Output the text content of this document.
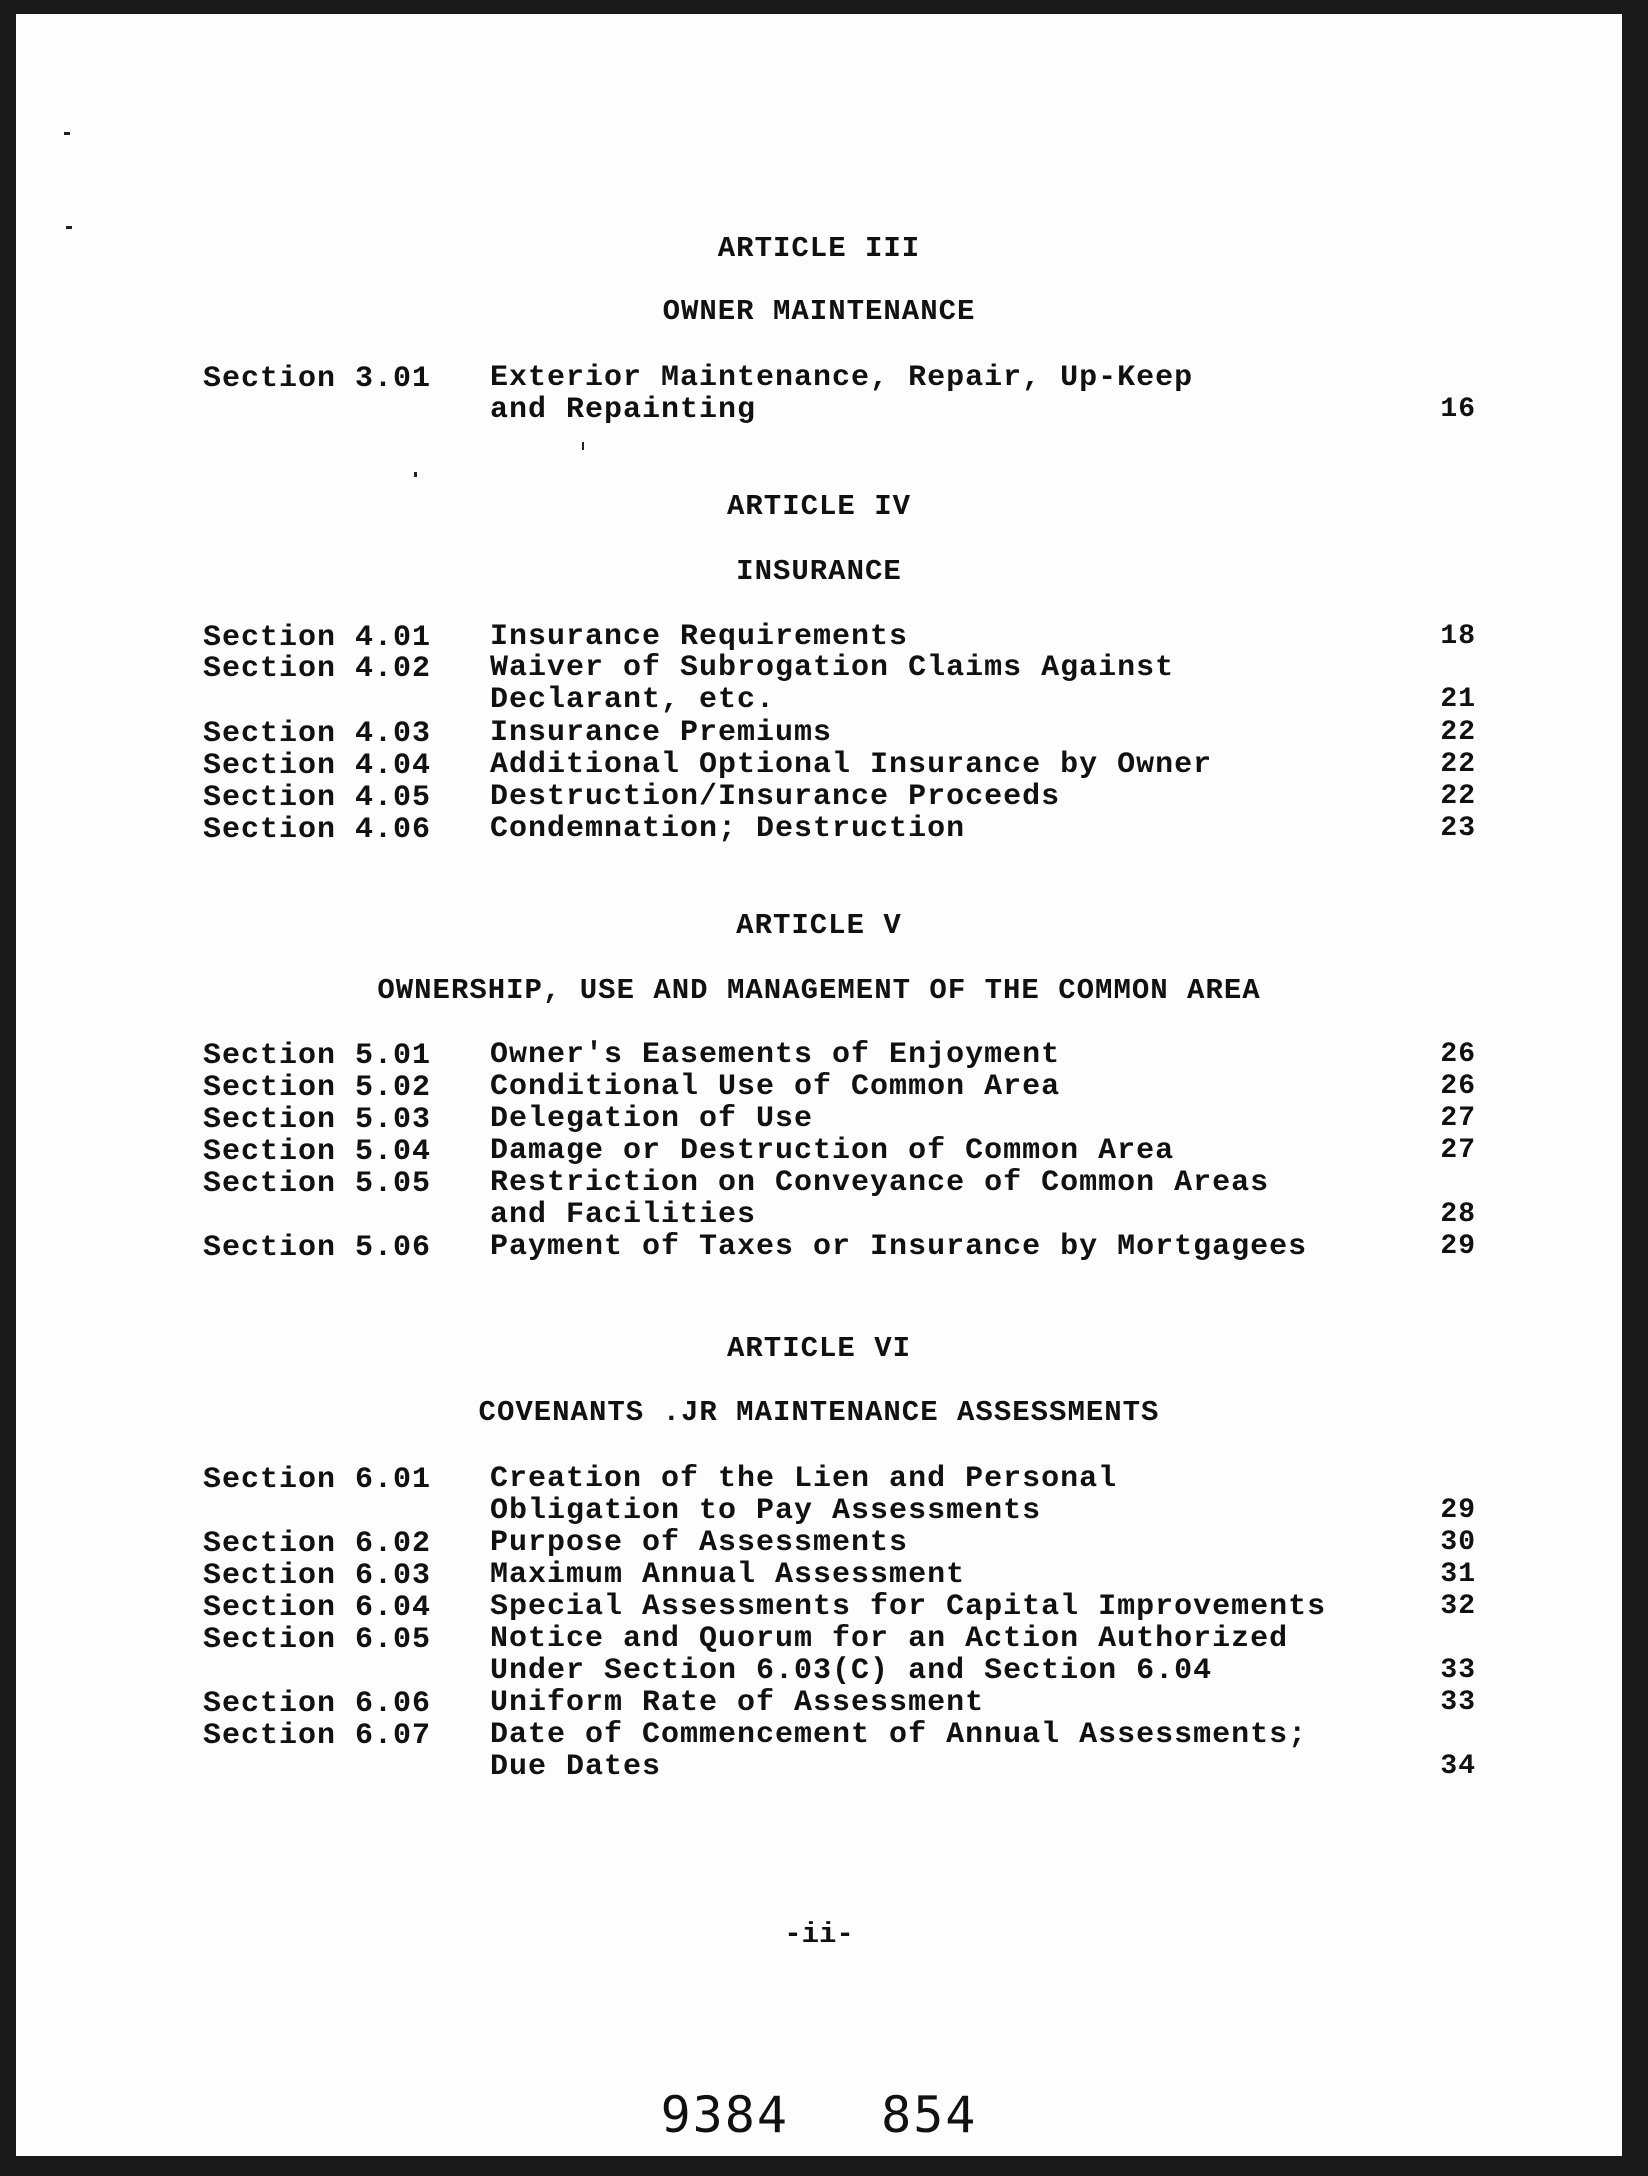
ARTICLE III
OWNER MAINTENANCE
Section 3.01 Exterior Maintenance, Repair, Up-Keep
and Repainting	16
ARTICLE IV
INSURANCE
Section 4.01 Insurance Requirements	18
Section 4.02 Waiver of Subrogation Claims Against
Declarant, etc.	21
Section 4.03 Insurance Premiums	22
Section 4.04 Additional Optional Insurance by Owner	22
Section 4.05 Destruction/Insurance Proceeds	22
Section 4.06 Condemnation; Destruction	23
ARTICLE V
OWNERSHIP, USE AND MANAGEMENT OF THE COMMON AREA
Section 5.01 Owner's Easements of Enjoyment	26
Section 5.02 Conditional Use of Common Area	26
Section 5.03 Delegation of Use	27
Section 5.04 Damage or Destruction of Common Area	27
Section 5.05 Restriction on Conveyance of Common Areas
and Facilities	28
Section 5.06 Payment of Taxes or Insurance by Mortgagees	29
ARTICLE VI
COVENANTS .JR MAINTENANCE ASSESSMENTS
Section 6.01 Creation of the Lien and Personal
Obligation to Pay Assessments	29
Section 6.02 Purpose of Assessments	30
Section 6.03 Maximum Annual Assessment	31
Section 6.04 Special Assessments for Capital Improvements	32
Section 6.05 Notice and Quorum for an Action Authorized
Under Section 6.03(C) and Section 6.04	33
Section 6.06 Uniform Rate of Assessment	33
Section 6.07 Date of Commencement of Annual Assessments;
Due Dates	34
-ii-
9384 854
